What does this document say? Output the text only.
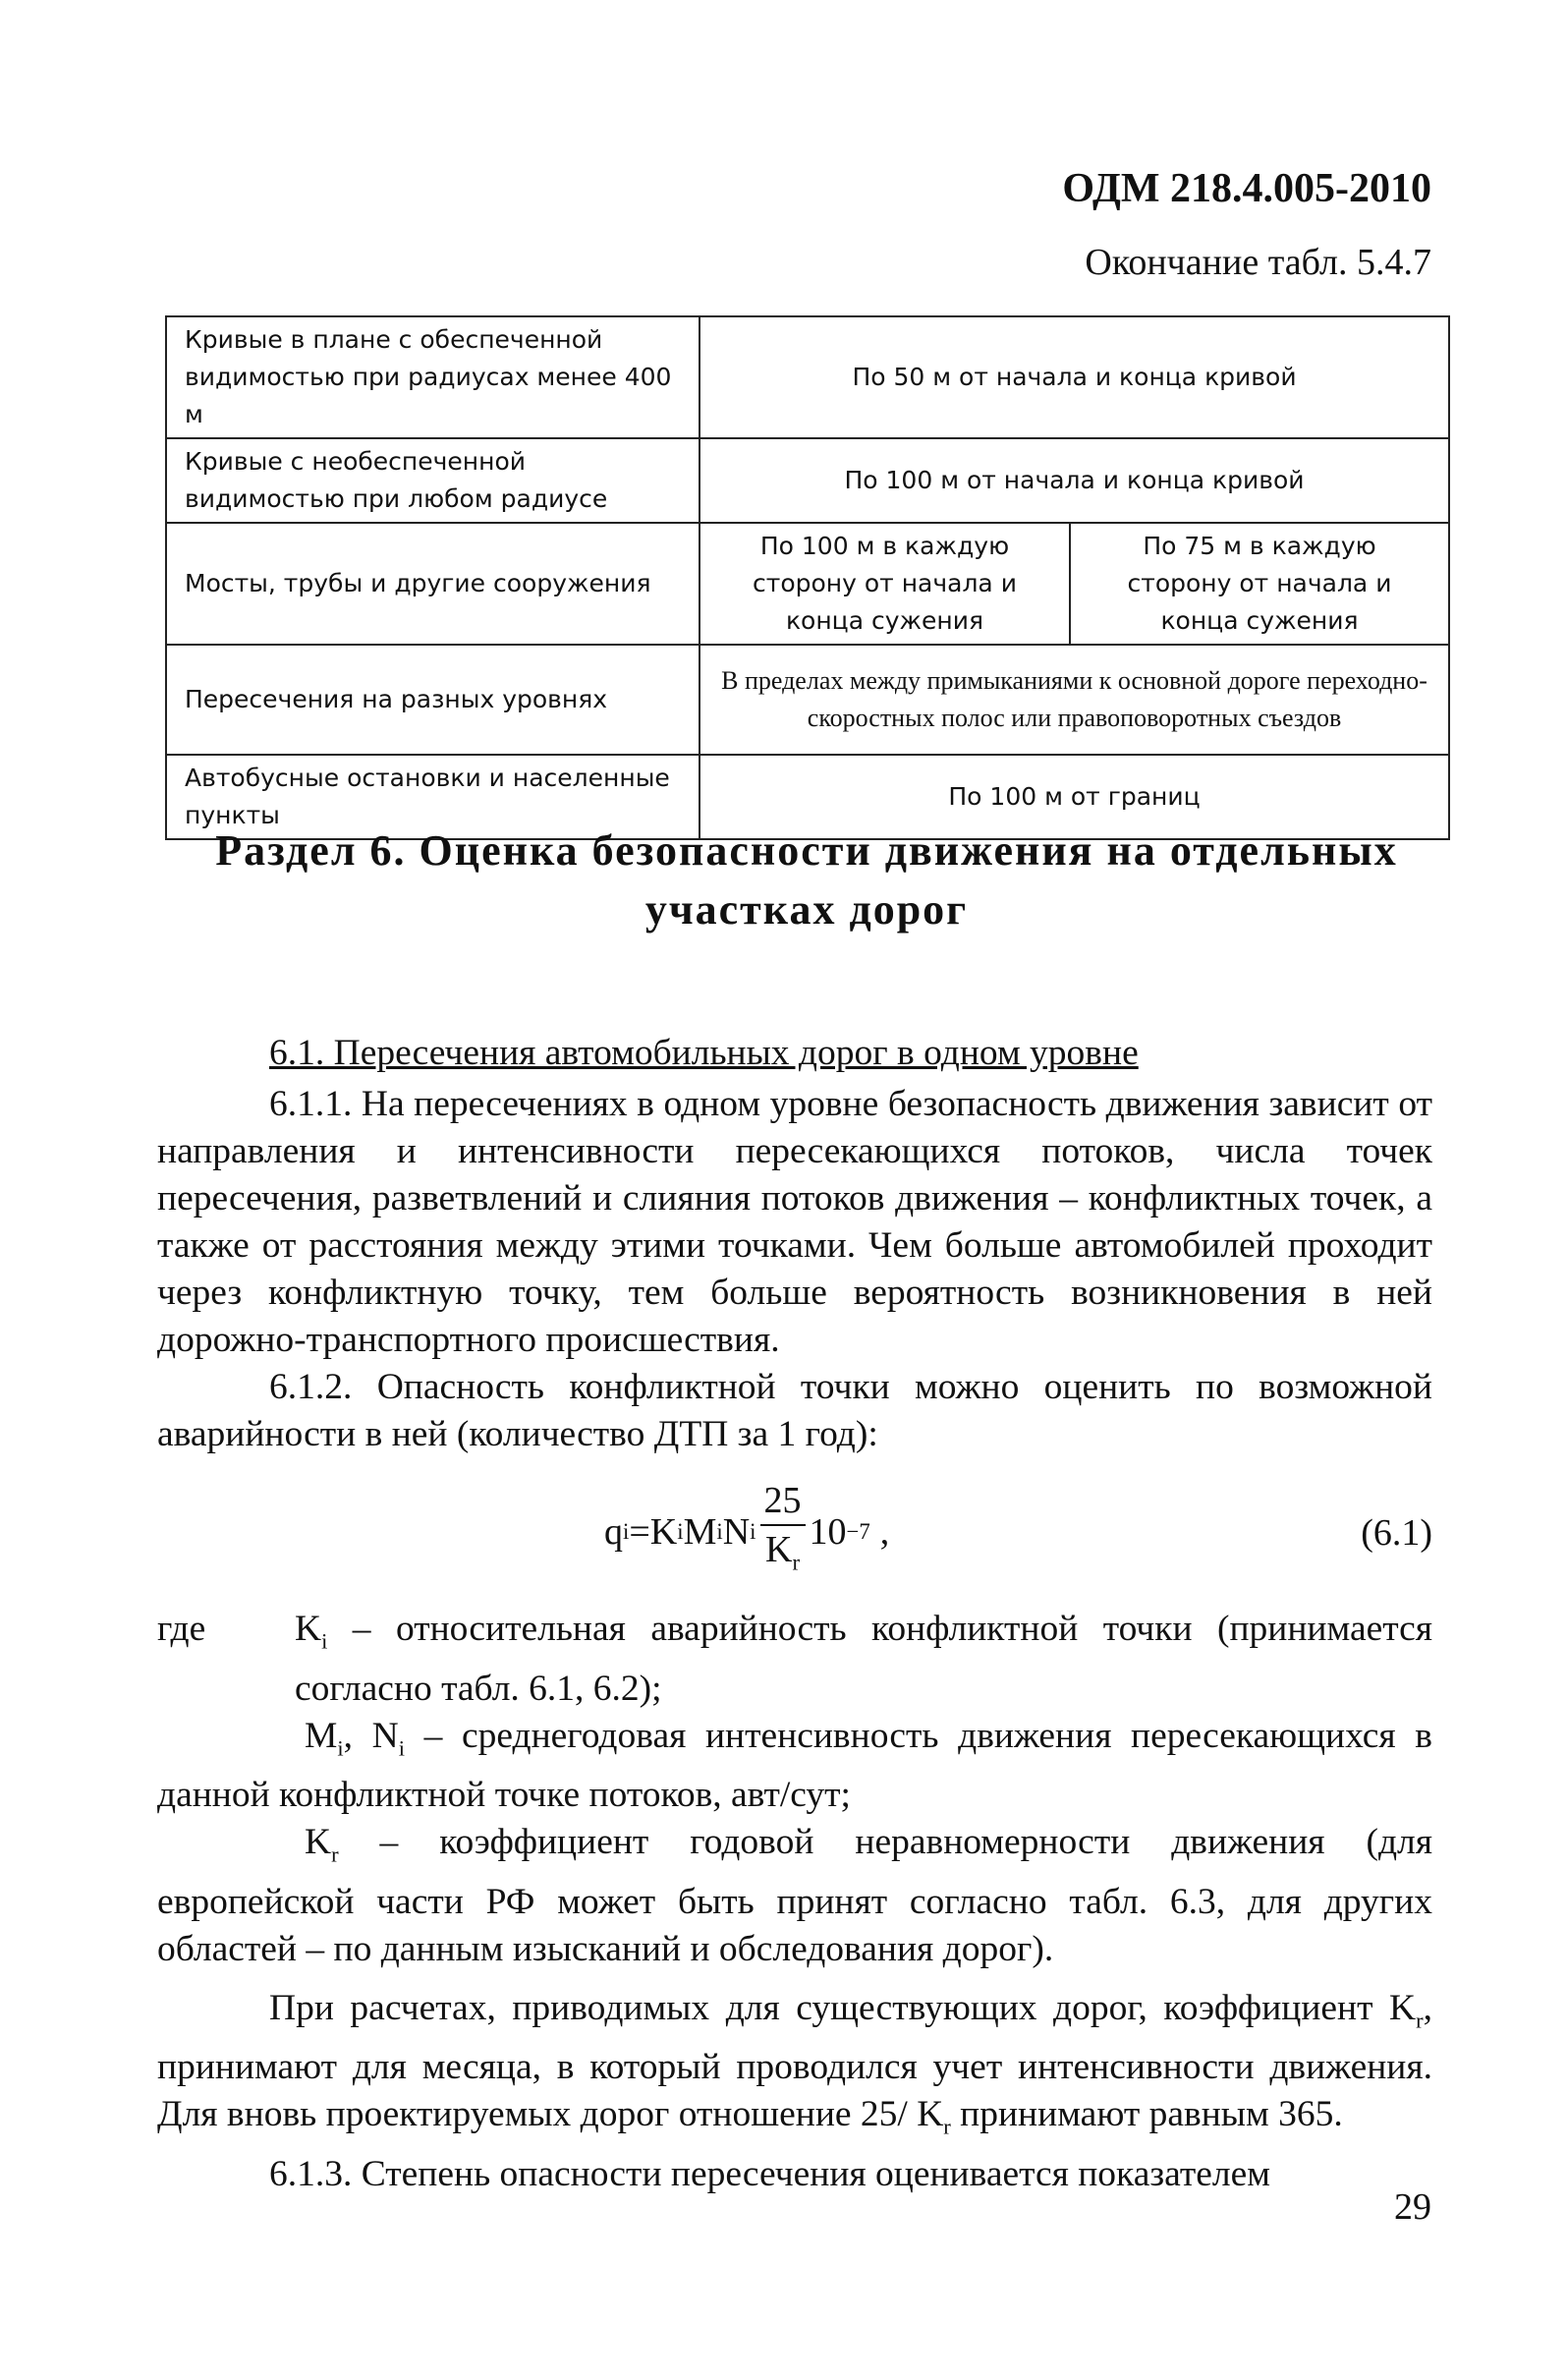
ОДМ 218.4.005-2010
Окончание табл. 5.4.7
Кривые в плане с обеспеченной видимостью при радиусах менее 400 м	По 50 м от начала и конца кривой	
Кривые с необеспеченной видимостью при любом радиусе	По 100 м от начала и конца кривой	
Мосты, трубы и другие сооружения	По 100 м в каждую сторону от начала и конца сужения	По 75 м в каждую сторону от начала и конца сужения
Пересечения на разных уровнях	В пределах между примыканиями к основной дороге переходно-скоростных полос или правоповоротных съездов	
Автобусные остановки и населенные пункты	По 100 м от границ	
Раздел 6. Оценка безопасности движения на отдельных
участках дорог

6.1. Пересечения автомобильных дорог в одном уровне

6.1.1. На пересечениях в одном уровне безопасность движения зависит от направления и интенсивности пересекающихся потоков, числа точек пересечения, разветвлений и слияния потоков движения – конфликтных точек, а также от расстояния между этими точками. Чем больше автомобилей проходит через конфликтную точку, тем больше вероятность возникновения в ней дорожно-транспортного происшествия.

6.1.2. Опасность конфликтной точки можно оценить по возможной аварийности в ней (количество ДТП за 1 год):

q i = K i M i N i $\frac{25}{K_r} 10 -7$ ,	(6.1)
где	$K_i$ – относительная аварийность конфликтной точки (принимается согласно табл. 6.1, 6.2);

$M_i$, $N_i$ – среднегодовая интенсивность движения пересекающихся в данной конфликтной точке потоков, авт/сут;

$K_r$ – коэффициент годовой неравномерности движения (для европейской части РФ может быть принят согласно табл. 6.3, для других областей – по данным изысканий и обследования дорог).

При расчетах, приводимых для существующих дорог, коэффициент $K_r$, принимают для месяца, в который проводился учет интенсивности движения. Для вновь проектируемых дорог отношение 25/ $K_r$ принимают равным 365.

6.1.3. Степень опасности пересечения оценивается показателем

29
